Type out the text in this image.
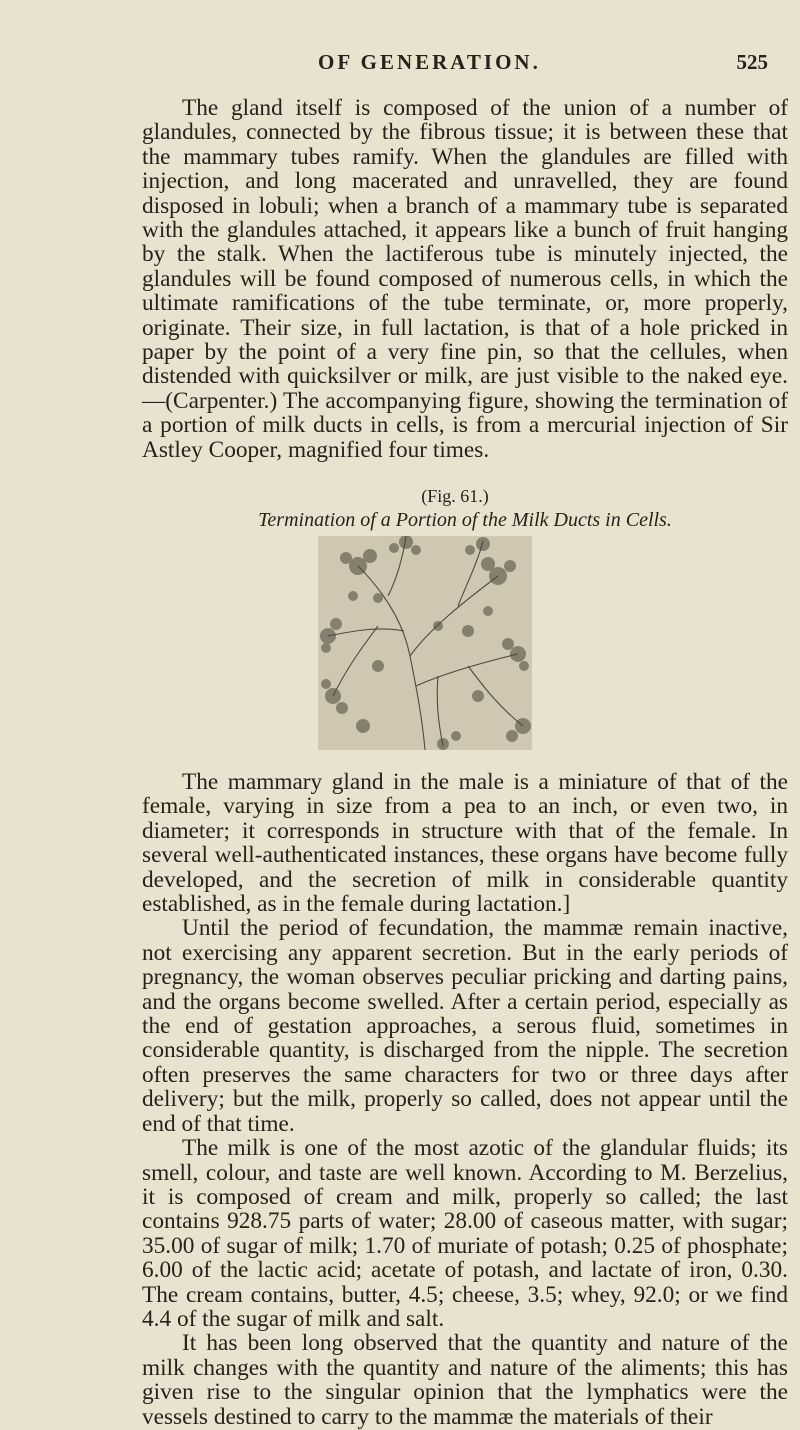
OF GENERATION.	525

The gland itself is composed of the union of a number of glandules, connected by the fibrous tissue; it is between these that the mammary tubes ramify. When the glandules are filled with injection, and long macerated and unravelled, they are found disposed in lobuli; when a branch of a mammary tube is separated with the glandules attached, it appears like a bunch of fruit hanging by the stalk. When the lactiferous tube is minutely injected, the glandules will be found composed of numerous cells, in which the ultimate ramifications of the tube terminate, or, more properly, originate. Their size, in full lactation, is that of a hole pricked in paper by the point of a very fine pin, so that the cellules, when distended with quicksilver or milk, are just visible to the naked eye.—(Carpenter.) The accompanying figure, showing the termination of a portion of milk ducts in cells, is from a mercurial injection of Sir Astley Cooper, magnified four times.

(Fig. 61.)
Termination of a Portion of the Milk Ducts in Cells.

The mammary gland in the male is a miniature of that of the female, varying in size from a pea to an inch, or even two, in diameter; it corresponds in structure with that of the female. In several well-authenticated instances, these organs have become fully developed, and the secretion of milk in considerable quantity established, as in the female during lactation.]

Until the period of fecundation, the mammæ remain inactive, not exercising any apparent secretion. But in the early periods of pregnancy, the woman observes peculiar pricking and darting pains, and the organs become swelled. After a certain period, especially as the end of gestation approaches, a serous fluid, sometimes in considerable quantity, is discharged from the nipple. The secretion often preserves the same characters for two or three days after delivery; but the milk, properly so called, does not appear until the end of that time.

The milk is one of the most azotic of the glandular fluids; its smell, colour, and taste are well known. According to M. Berzelius, it is composed of cream and milk, properly so called; the last contains 928.75 parts of water; 28.00 of caseous matter, with sugar; 35.00 of sugar of milk; 1.70 of muriate of potash; 0.25 of phosphate; 6.00 of the lactic acid; acetate of potash, and lactate of iron, 0.30. The cream contains, butter, 4.5; cheese, 3.5; whey, 92.0; or we find 4.4 of the sugar of milk and salt.

It has been long observed that the quantity and nature of the milk changes with the quantity and nature of the aliments; this has given rise to the singular opinion that the lymphatics were the vessels destined to carry to the mammæ the materials of their
